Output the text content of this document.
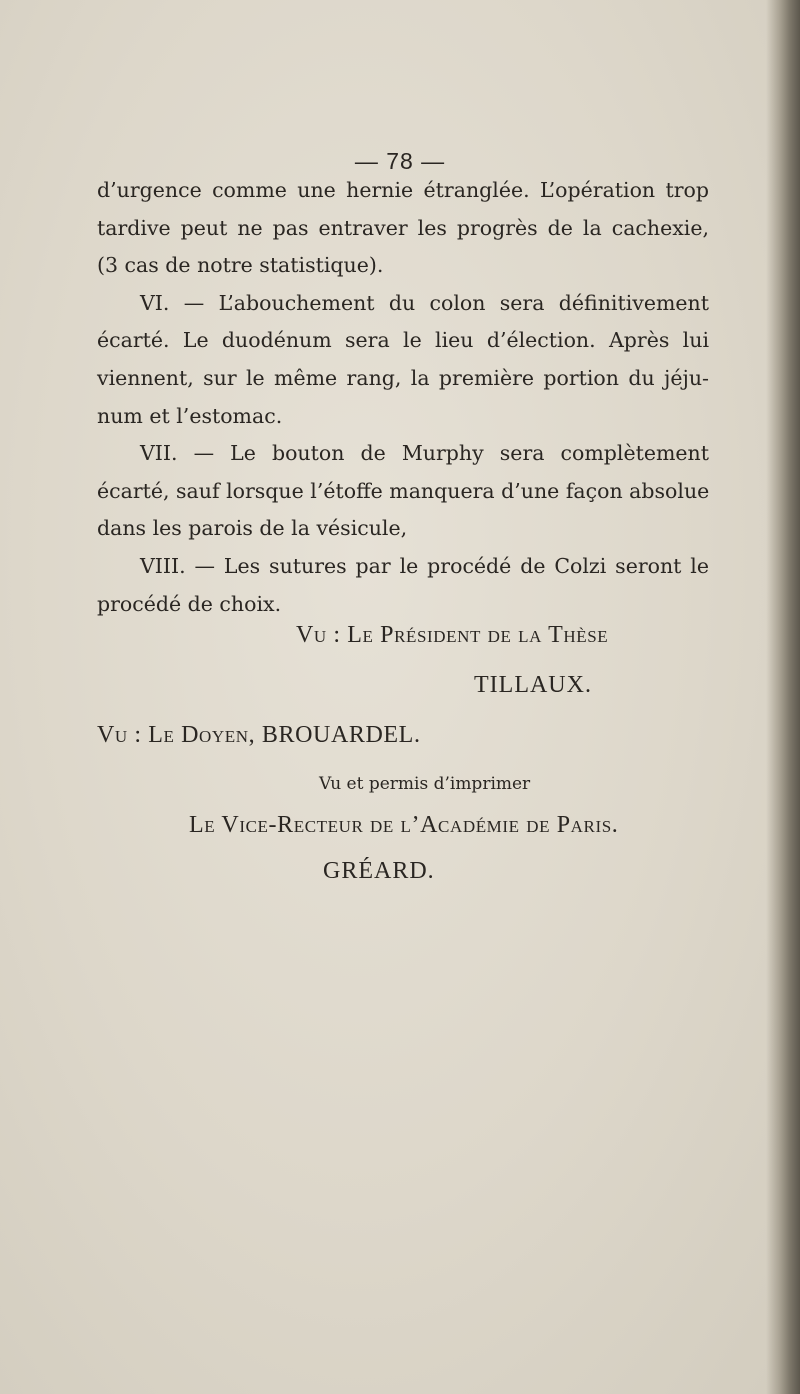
— 78 —
d’urgence comme une hernie étranglée. L’opération trop
tardive peut ne pas entraver les progrès de la cachexie,
(3 cas de notre statistique).
VI. — L’abouchement du colon sera définitivement
écarté. Le duodénum sera le lieu d’élection. Après lui
viennent, sur le même rang, la première portion du jéju-
num et l’estomac.
VII. — Le bouton de Murphy sera complètement
écarté, sauf lorsque l’étoffe manquera d’une façon absolue
dans les parois de la vésicule,
VIII. — Les sutures par le procédé de Colzi seront le
procédé de choix.
Vu : Le Président de la Thèse
TILLAUX.
Vu : Le Doyen, BROUARDEL.
Vu et permis d’imprimer
Le Vice-Recteur de l’Académie de Paris.
GRÉARD.
